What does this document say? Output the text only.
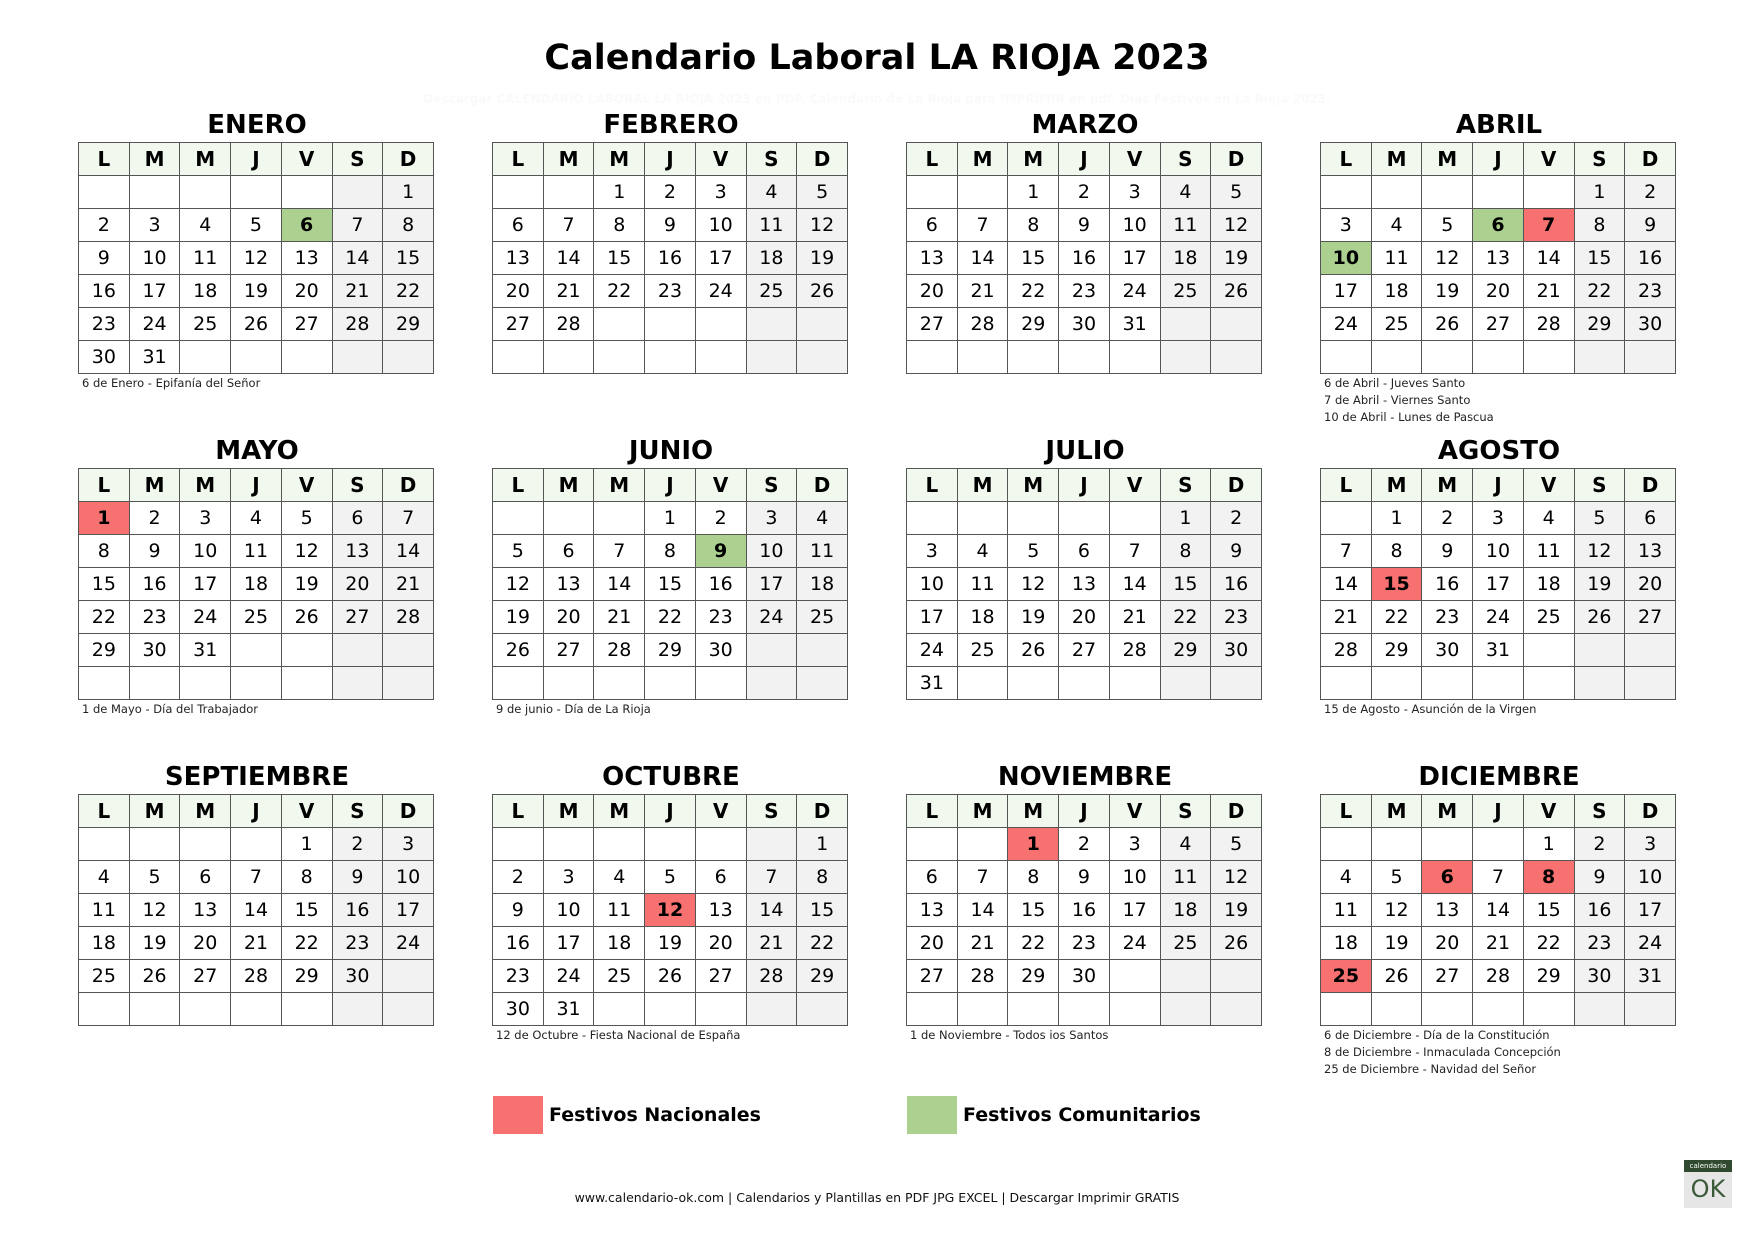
Calendario Laboral LA RIOJA 2023
Descargar CALENDARIO LABORAL LA RIOJA 2023 en PDF, Calendario de La Rioja para IMPRIMIR en pdf. Días Festivos en La Rioja 2023.
ENERO
L	M	M	J	V	S	D
						1
2	3	4	5	6	7	8
9	10	11	12	13	14	15
16	17	18	19	20	21	22
23	24	25	26	27	28	29
30	31					
6 de Enero - Epifanía del Señor
FEBRERO
L	M	M	J	V	S	D
		1	2	3	4	5
6	7	8	9	10	11	12
13	14	15	16	17	18	19
20	21	22	23	24	25	26
27	28					

MARZO
L	M	M	J	V	S	D
		1	2	3	4	5
6	7	8	9	10	11	12
13	14	15	16	17	18	19
20	21	22	23	24	25	26
27	28	29	30	31		

ABRIL
L	M	M	J	V	S	D
					1	2
3	4	5	6	7	8	9
10	11	12	13	14	15	16
17	18	19	20	21	22	23
24	25	26	27	28	29	30

6 de Abril - Jueves Santo
7 de Abril - Viernes Santo
10 de Abril - Lunes de Pascua
MAYO
L	M	M	J	V	S	D
1	2	3	4	5	6	7
8	9	10	11	12	13	14
15	16	17	18	19	20	21
22	23	24	25	26	27	28
29	30	31				

1 de Mayo - Día del Trabajador
JUNIO
L	M	M	J	V	S	D
			1	2	3	4
5	6	7	8	9	10	11
12	13	14	15	16	17	18
19	20	21	22	23	24	25
26	27	28	29	30		

9 de junio - Día de La Rioja
JULIO
L	M	M	J	V	S	D
					1	2
3	4	5	6	7	8	9
10	11	12	13	14	15	16
17	18	19	20	21	22	23
24	25	26	27	28	29	30
31						
AGOSTO
L	M	M	J	V	S	D
	1	2	3	4	5	6
7	8	9	10	11	12	13
14	15	16	17	18	19	20
21	22	23	24	25	26	27
28	29	30	31			

15 de Agosto - Asunción de la Virgen
SEPTIEMBRE
L	M	M	J	V	S	D
				1	2	3
4	5	6	7	8	9	10
11	12	13	14	15	16	17
18	19	20	21	22	23	24
25	26	27	28	29	30	

OCTUBRE
L	M	M	J	V	S	D
						1
2	3	4	5	6	7	8
9	10	11	12	13	14	15
16	17	18	19	20	21	22
23	24	25	26	27	28	29
30	31					
12 de Octubre - Fiesta Nacional de España
NOVIEMBRE
L	M	M	J	V	S	D
		1	2	3	4	5
6	7	8	9	10	11	12
13	14	15	16	17	18	19
20	21	22	23	24	25	26
27	28	29	30			

1 de Noviembre - Todos ios Santos
DICIEMBRE
L	M	M	J	V	S	D
				1	2	3
4	5	6	7	8	9	10
11	12	13	14	15	16	17
18	19	20	21	22	23	24
25	26	27	28	29	30	31

6 de Diciembre - Día de la Constitución
8 de Diciembre - Inmaculada Concepción
25 de Diciembre - Navidad del Señor
Festivos Nacionales	Festivos Comunitarios
www.calendario-ok.com | Calendarios y Plantillas en PDF JPG EXCEL | Descargar Imprimir GRATIS
calendario
OK
